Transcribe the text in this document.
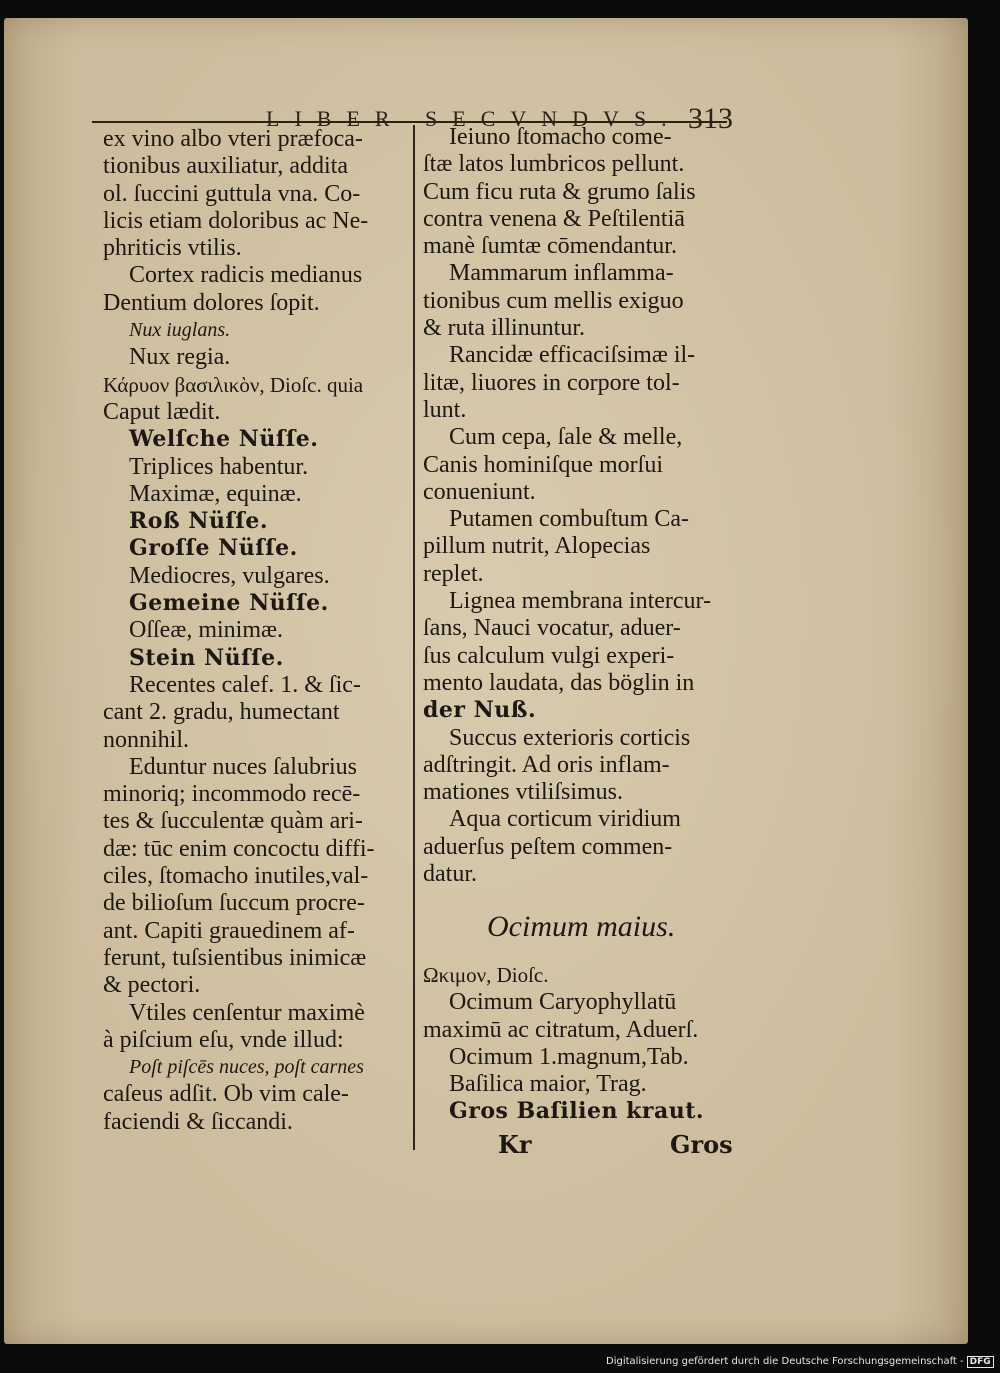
LIBER SECVNDVS. 313
ex vino albo vteri præfoca-
tionibus auxiliatur, addita
ol. ſuccini guttula vna. Co-
licis etiam doloribus ac Ne-
phriticis vtilis.
Cortex radicis medianus
Dentium dolores ſopit.
Nux iuglans.
Nux regia.
Κάρυον βασιλικὸν, Dioſc. quia
Caput lædit.
Welſche Nüſſe.
Triplices habentur.
Maximæ, equinæ.
Roß Nüſſe.
Groſſe Nüſſe.
Mediocres, vulgares.
Gemeine Nüſſe.
Oſſeæ, minimæ.
Stein Nüſſe.
Recentes calef. 1. & ſic-
cant 2. gradu, humectant
nonnihil.
Eduntur nuces ſalubrius
minoriq; incommodo recē-
tes & ſucculentæ quàm ari-
dæ: tūc enim concoctu diffi-
ciles, ſtomacho inutiles,val-
de bilioſum ſuccum procre-
ant. Capiti grauedinem af-
ferunt, tuſsientibus inimicæ
& pectori.
Vtiles cenſentur maximè
à piſcium eſu, vnde illud:
Poſt piſcēs nuces, poſt carnes
caſeus adſit. Ob vim cale-
faciendi & ſiccandi.
Ieiuno ſtomacho come-
ſtæ latos lumbricos pellunt.
Cum ficu ruta & grumo ſalis
contra venena & Peſtilentiā
manè ſumtæ cōmendantur.
Mammarum inflamma-
tionibus cum mellis exiguo
& ruta illinuntur.
Rancidæ efficaciſsimæ il-
litæ, liuores in corpore tol-
lunt.
Cum cepa, ſale & melle,
Canis hominiſque morſui
conueniunt.
Putamen combuſtum Ca-
pillum nutrit, Alopecias
replet.
Lignea membrana intercur-
ſans, Nauci vocatur, aduer-
ſus calculum vulgi experi-
mento laudata, das böglin in
der Nuß.
Succus exterioris corticis
adſtringit. Ad oris inflam-
mationes vtiliſsimus.
Aqua corticum viridium
aduerſus peſtem commen-
datur.
Ocimum maius.
Ωκιμον, Dioſc.
Ocimum Caryophyllatū
maximū ac citratum, Aduerſ.
Ocimum 1.magnum,Tab.
Baſilica maior, Trag.
Gros Baſilien kraut.
Kr	Gros
Digitalisierung gefördert durch die Deutsche Forschungsgemeinschaft - DFG
